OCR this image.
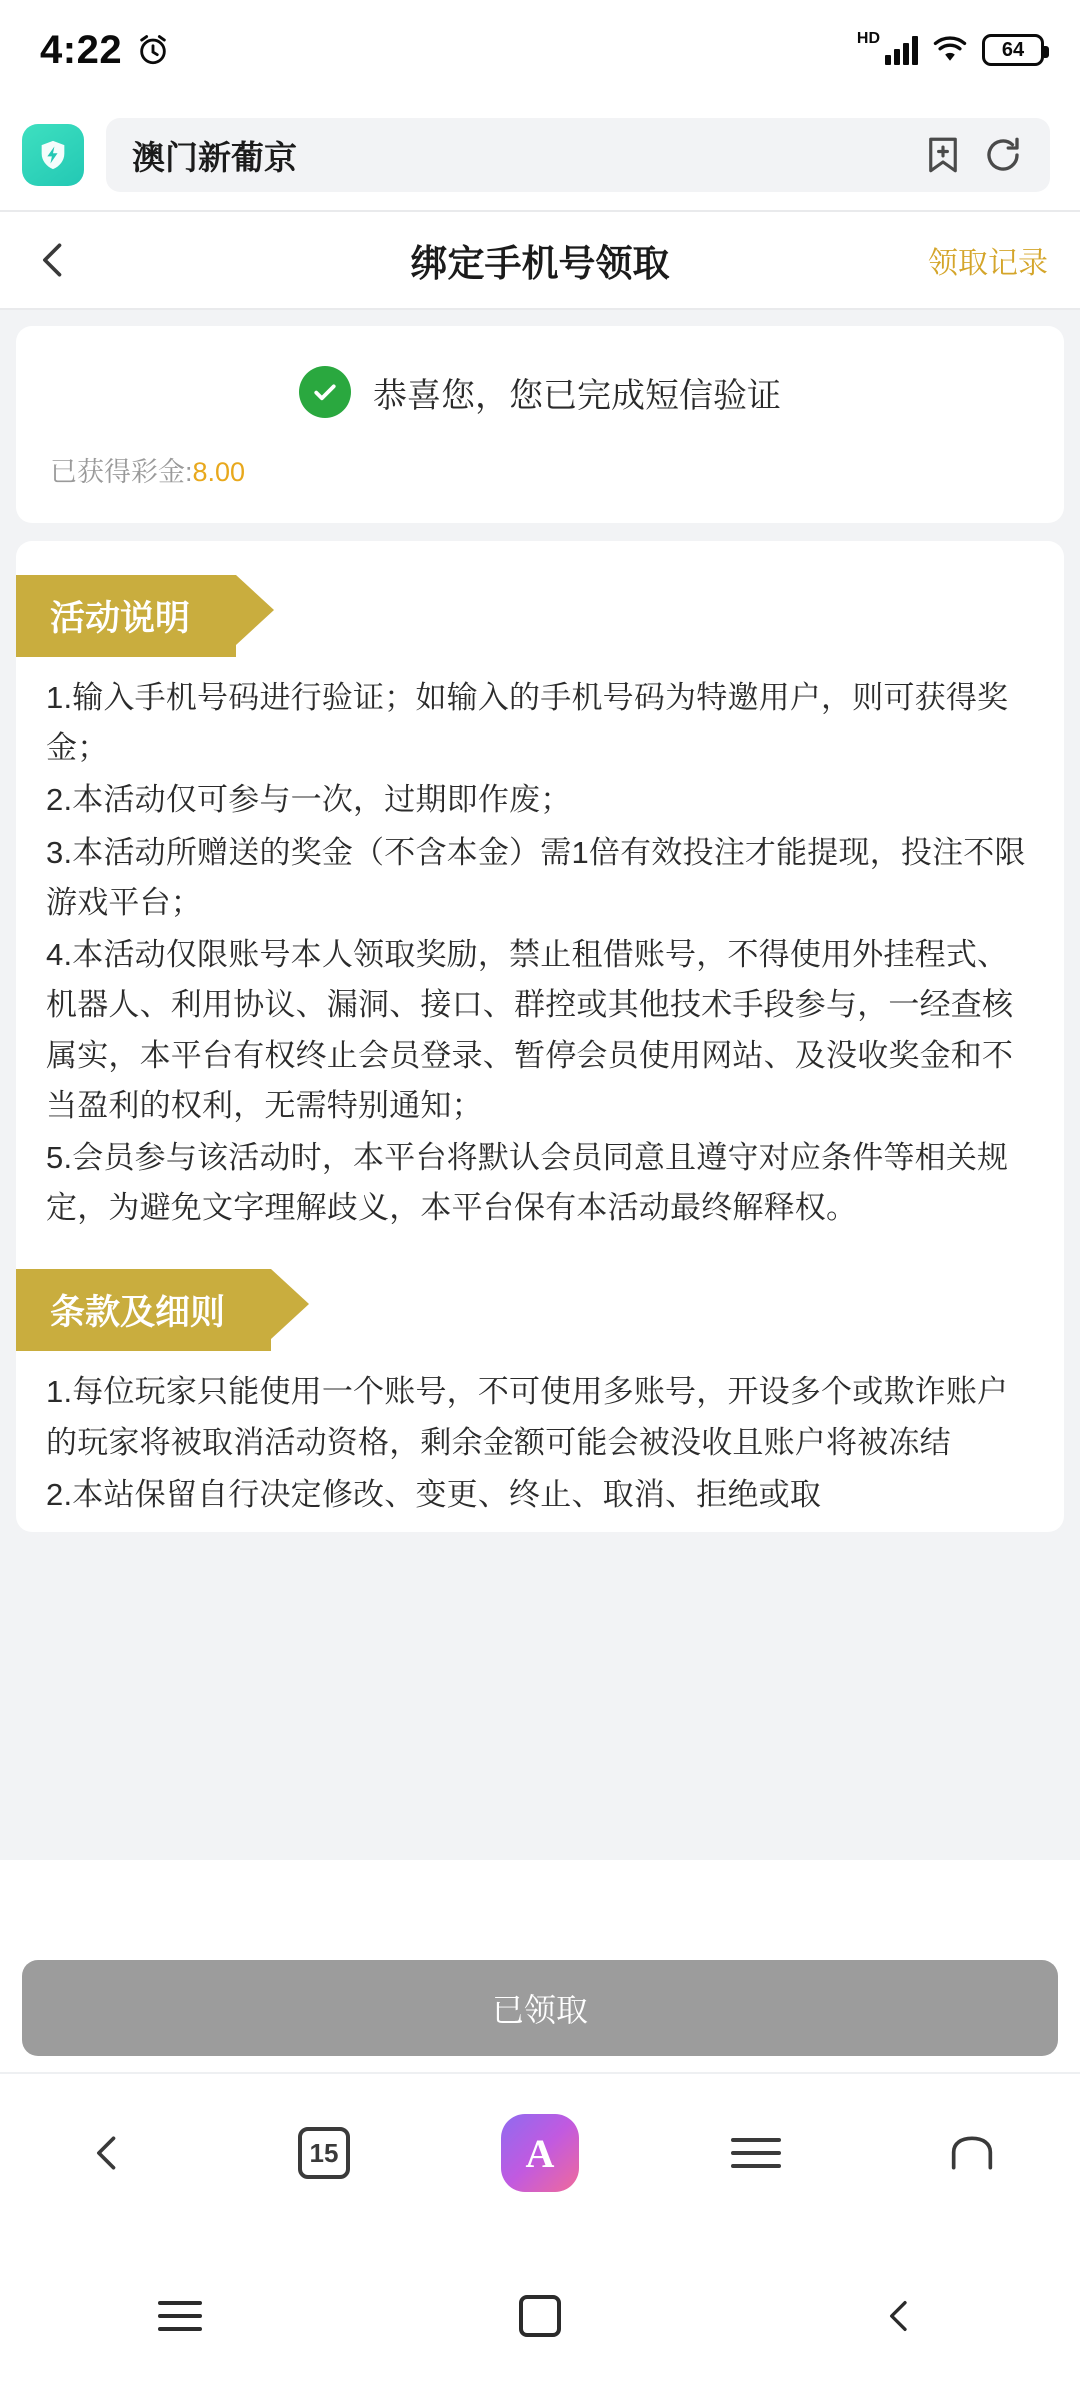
4:22	HD
64
澳门新葡京
绑定手机号领取	领取记录
恭喜您，您已完成短信验证
已获得彩金:8.00
活动说明

1.输入手机号码进行验证；如输入的手机号码为特邀用户，则可获得奖金；

2.本活动仅可参与一次，过期即作废；

3.本活动所赠送的奖金（不含本金）需1倍有效投注才能提现，投注不限游戏平台；

4.本活动仅限账号本人领取奖励，禁止租借账号，不得使用外挂程式、机器人、利用协议、漏洞、接口、群控或其他技术手段参与，一经查核属实，本平台有权终止会员登录、暂停会员使用网站、及没收奖金和不当盈利的权利，无需特别通知；

5.会员参与该活动时，本平台将默认会员同意且遵守对应条件等相关规定，为避免文字理解歧义，本平台保有本活动最终解释权。

条款及细则

1.每位玩家只能使用一个账号，不可使用多账号，开设多个或欺诈账户的玩家将被取消活动资格，剩余金额可能会被没收且账户将被冻结

2.本站保留自行决定修改、变更、终止、取消、拒绝或取

已领取
15	A
